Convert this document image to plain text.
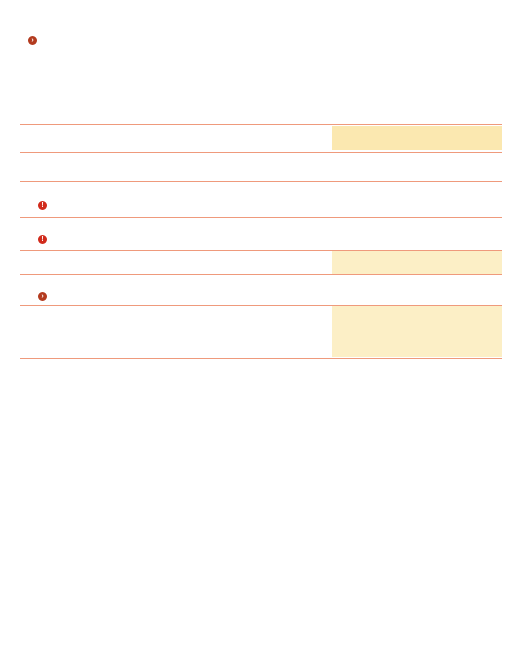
›
!
!
›
